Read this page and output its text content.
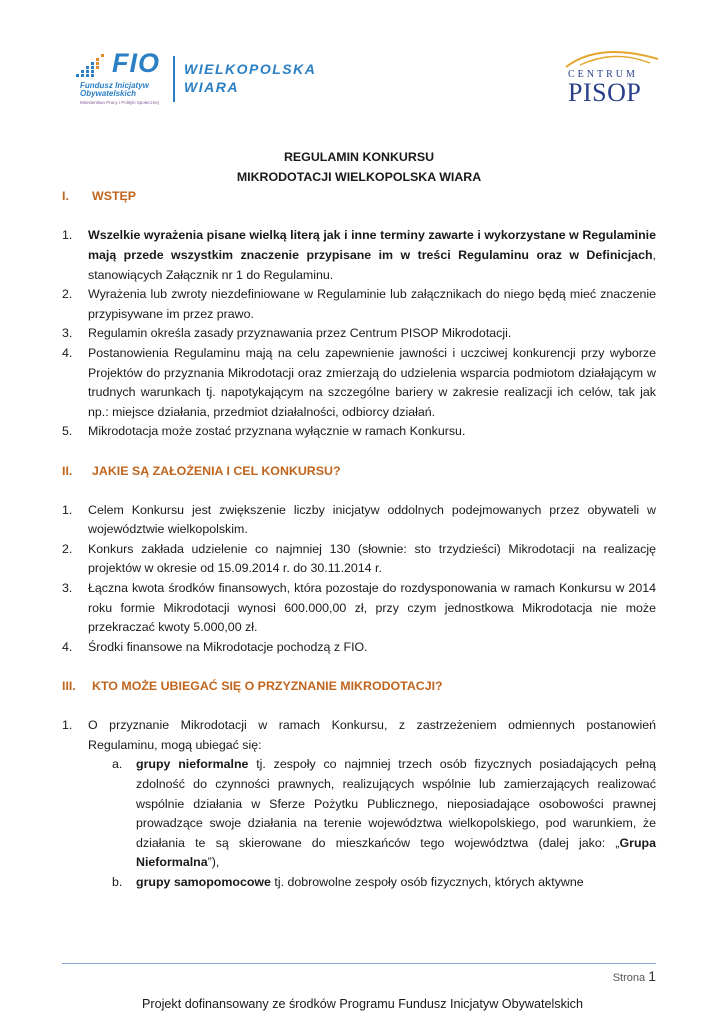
FIO
Fundusz Inicjatyw
Obywatelskich
Ministerstwo Pracy i Polityki Społecznej
WIELKOPOLSKA
WIARA
CENTRUM
PISOP

REGULAMIN KONKURSU

MIKRODOTACJI WIELKOPOLSKA WIARA

I. WSTĘP

1. Wszelkie wyrażenia pisane wielką literą jak i inne terminy zawarte i wykorzystane w Regulaminie mają przede wszystkim znaczenie przypisane im w treści Regulaminu oraz w Definicjach, stanowiących Załącznik nr 1 do Regulaminu.
2. Wyrażenia lub zwroty niezdefiniowane w Regulaminie lub załącznikach do niego będą mieć znaczenie przypisywane im przez prawo.
3. Regulamin określa zasady przyznawania przez Centrum PISOP Mikrodotacji.
4. Postanowienia Regulaminu mają na celu zapewnienie jawności i uczciwej konkurencji przy wyborze Projektów do przyznania Mikrodotacji oraz zmierzają do udzielenia wsparcia podmiotom działającym w trudnych warunkach tj. napotykającym na szczególne bariery w zakresie realizacji ich celów, tak jak np.: miejsce działania, przedmiot działalności, odbiorcy działań.
5. Mikrodotacja może zostać przyznana wyłącznie w ramach Konkursu.

II. JAKIE SĄ ZAŁOŻENIA I CEL KONKURSU?

1. Celem Konkursu jest zwiększenie liczby inicjatyw oddolnych podejmowanych przez obywateli w województwie wielkopolskim.
2. Konkurs zakłada udzielenie co najmniej 130 (słownie: sto trzydzieści) Mikrodotacji na realizację projektów w okresie od 15.09.2014 r. do 30.11.2014 r.
3. Łączna kwota środków finansowych, która pozostaje do rozdysponowania w ramach Konkursu w 2014 roku formie Mikrodotacji wynosi 600.000,00 zł, przy czym jednostkowa Mikrodotacja nie może przekraczać kwoty 5.000,00 zł.
4. Środki finansowe na Mikrodotacje pochodzą z FIO.

III. KTO MOŻE UBIEGAĆ SIĘ O PRZYZNANIE MIKRODOTACJI?

1. O przyznanie Mikrodotacji w ramach Konkursu, z zastrzeżeniem odmiennych postanowień Regulaminu, mogą ubiegać się:
a. grupy nieformalne tj. zespoły co najmniej trzech osób fizycznych posiadających pełną zdolność do czynności prawnych, realizujących wspólnie lub zamierzających realizować wspólnie działania w Sferze Pożytku Publicznego, nieposiadające osobowości prawnej prowadzące swoje działania na terenie województwa wielkopolskiego, pod warunkiem, że działania te są skierowane do mieszkańców tego województwa (dalej jako: „Grupa Nieformalna”),
b. grupy samopomocowe tj. dobrowolne zespoły osób fizycznych, których aktywne
Strona 1
Projekt dofinansowany ze środków Programu Fundusz Inicjatyw Obywatelskich
